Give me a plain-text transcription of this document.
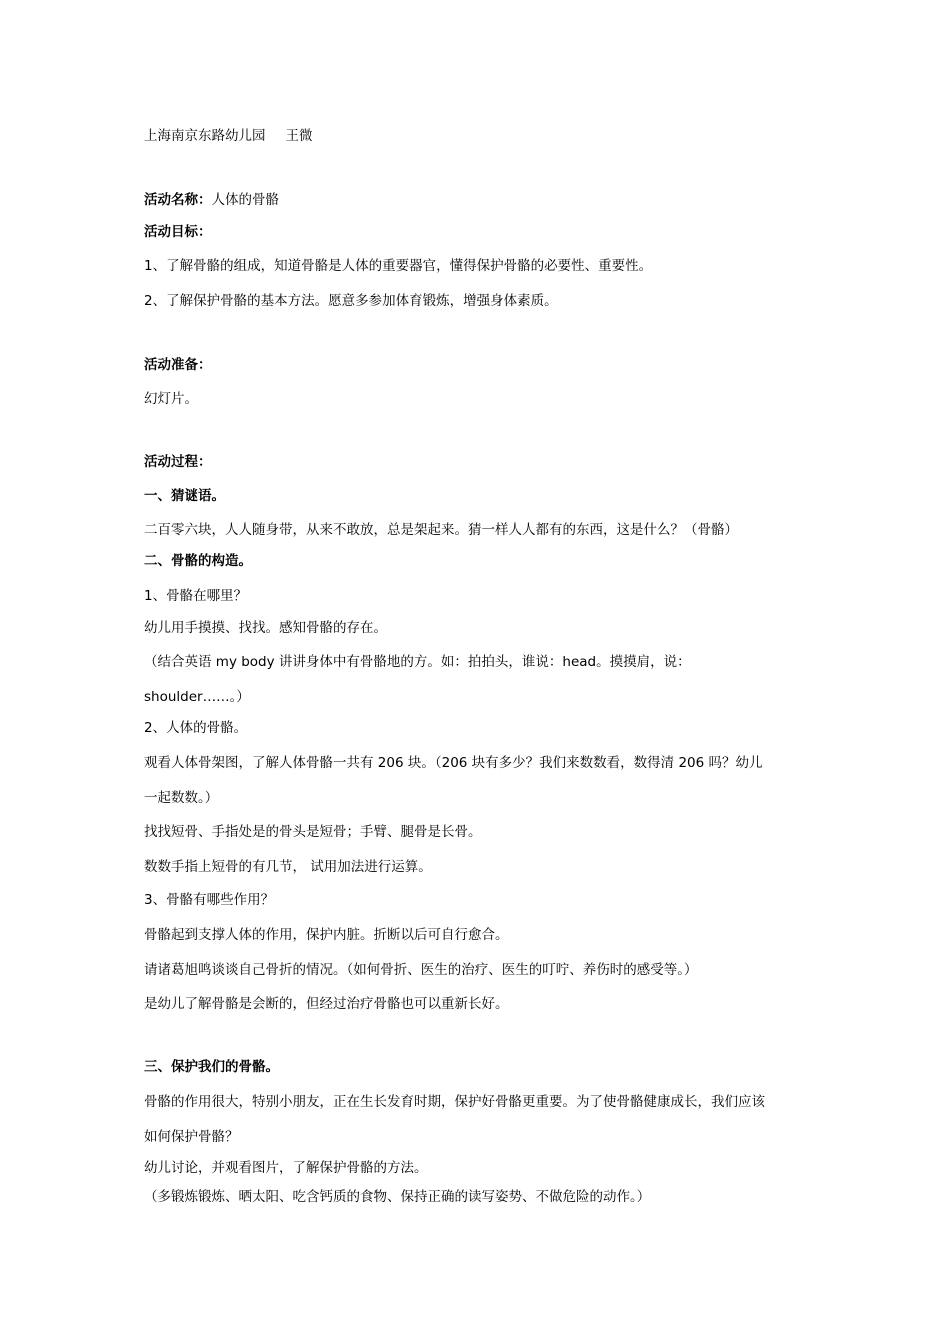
上海南京东路幼儿园 王微

活动名称：人体的骨骼

活动目标：

1、了解骨骼的组成，知道骨骼是人体的重要器官，懂得保护骨骼的必要性、重要性。

2、了解保护骨骼的基本方法。愿意多参加体育锻炼，增强身体素质。

活动准备：

幻灯片。

活动过程：

一、猜谜语。

二百零六块，人人随身带，从来不敢放，总是架起来。猜一样人人都有的东西，这是什么？（骨骼）

二、骨骼的构造。

1、骨骼在哪里？

幼儿用手摸摸、找找。感知骨骼的存在。

（结合英语 my body 讲讲身体中有骨骼地的方。如：拍拍头，谁说：head。摸摸肩，说：

shoulder……。）

2、人体的骨骼。

观看人体骨架图，了解人体骨骼一共有 206 块。（206 块有多少？我们来数数看，数得清 206 吗？幼儿

一起数数。）

找找短骨、手指处是的骨头是短骨；手臂、腿骨是长骨。

数数手指上短骨的有几节， 试用加法进行运算。

3、骨骼有哪些作用？

骨骼起到支撑人体的作用，保护内脏。折断以后可自行愈合。

请诸葛旭鸣谈谈自己骨折的情况。（如何骨折、医生的治疗、医生的叮咛、养伤时的感受等。）

是幼儿了解骨骼是会断的，但经过治疗骨骼也可以重新长好。

三、保护我们的骨骼。

骨骼的作用很大，特别小朋友，正在生长发育时期，保护好骨骼更重要。为了使骨骼健康成长，我们应该

如何保护骨骼？

幼儿讨论，并观看图片，了解保护骨骼的方法。

（多锻炼锻炼、晒太阳、吃含钙质的食物、保持正确的读写姿势、不做危险的动作。）
